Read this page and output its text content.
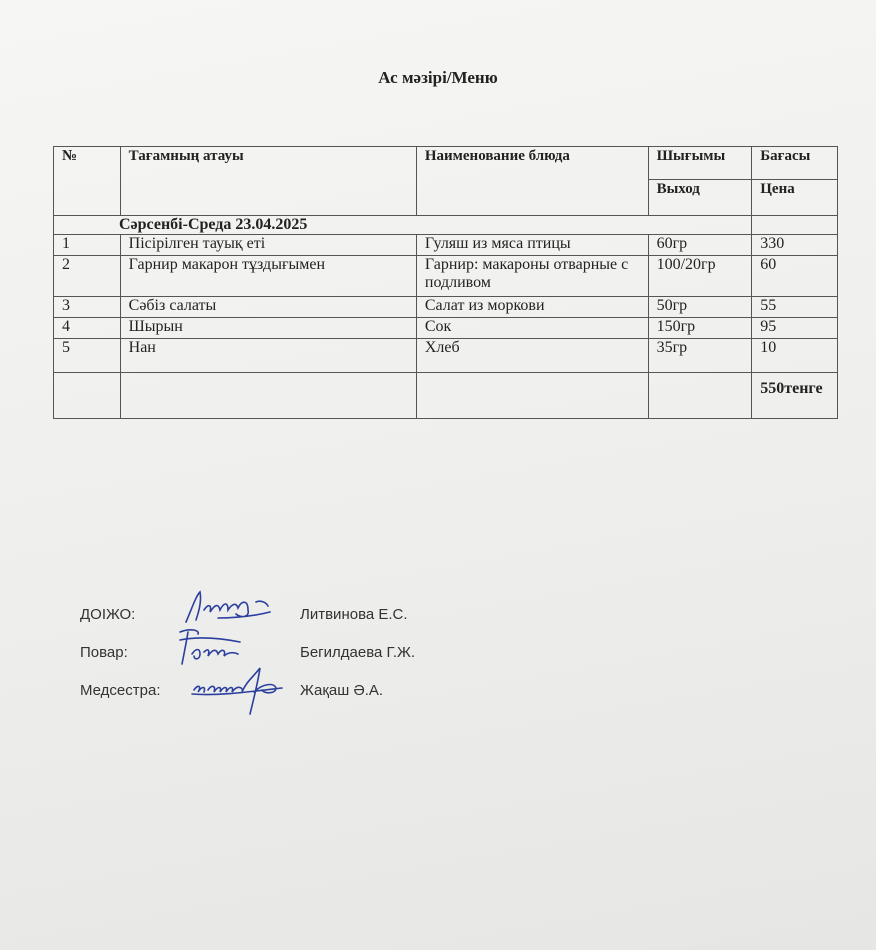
Ас мәзірі/Меню
№	Тағамның атауы	Наименование блюда	Шығымы	Бағасы
			Выход	Цена
Сәрсенбі-Среда 23.04.2025				
1	Пісірілген тауық еті	Гуляш из мяса птицы	60гр	330
2	Гарнир макарон тұздығымен	Гарнир: макароны отварные с подливом	100/20гр	60
3	Сәбіз салаты	Салат из моркови	50гр	55
4	Шырын	Сок	150гр	95
5	Нан	Хлеб	35гр	10
				550тенге
ДОІЖО:	Литвинова Е.С.
Повар:	Бегилдаева Г.Ж.
Медсестра:	Жақаш Ә.А.
